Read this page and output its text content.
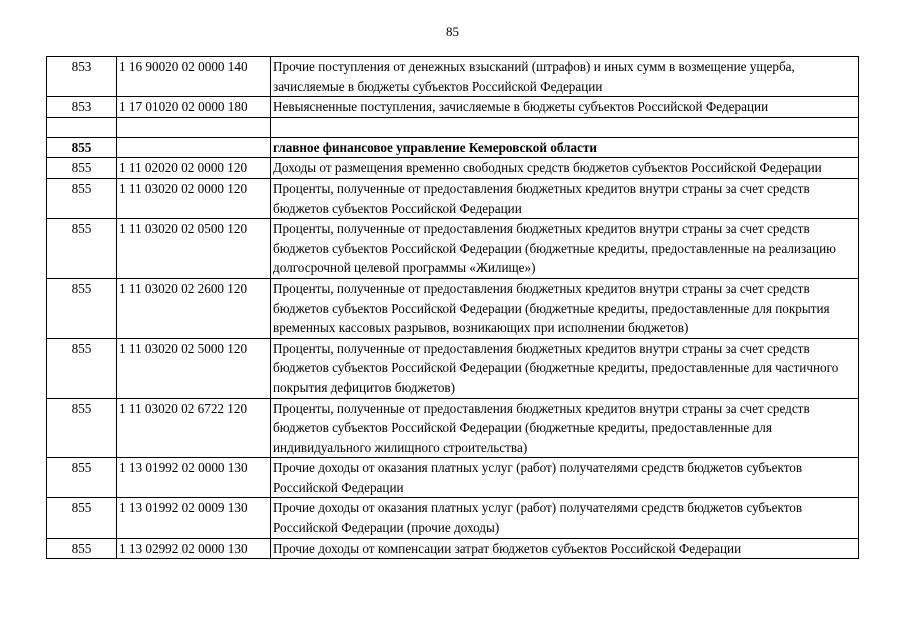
85
853	1 16 90020 02 0000 140	Прочие поступления от денежных взысканий (штрафов) и иных сумм в возмещение ущерба, зачисляемые в бюджеты субъектов Российской Федерации
853	1 17 01020 02 0000 180	Невыясненные поступления, зачисляемые в бюджеты субъектов Российской Федерации

855		главное финансовое управление Кемеровской области
855	1 11 02020 02 0000 120	Доходы от размещения временно свободных средств бюджетов субъектов Российской Федерации
855	1 11 03020 02 0000 120	Проценты, полученные от предоставления бюджетных кредитов внутри страны за счет средств бюджетов субъектов Российской Федерации
855	1 11 03020 02 0500 120	Проценты, полученные от предоставления бюджетных кредитов внутри страны за счет средств бюджетов субъектов Российской Федерации (бюджетные кредиты, предоставленные на реализацию долгосрочной целевой программы «Жилище»)
855	1 11 03020 02 2600 120	Проценты, полученные от предоставления бюджетных кредитов внутри страны за счет средств бюджетов субъектов Российской Федерации (бюджетные кредиты, предоставленные для покрытия временных кассовых разрывов, возникающих при исполнении бюджетов)
855	1 11 03020 02 5000 120	Проценты, полученные от предоставления бюджетных кредитов внутри страны за счет средств бюджетов субъектов Российской Федерации (бюджетные кредиты, предоставленные для частичного покрытия дефицитов бюджетов)
855	1 11 03020 02 6722 120	Проценты, полученные от предоставления бюджетных кредитов внутри страны за счет средств бюджетов субъектов Российской Федерации (бюджетные кредиты, предоставленные для индивидуального жилищного строительства)
855	1 13 01992 02 0000 130	Прочие доходы от оказания платных услуг (работ) получателями средств бюджетов субъектов Российской Федерации
855	1 13 01992 02 0009 130	Прочие доходы от оказания платных услуг (работ) получателями средств бюджетов субъектов Российской Федерации (прочие доходы)
855	1 13 02992 02 0000 130	Прочие доходы от компенсации затрат бюджетов субъектов Российской Федерации
